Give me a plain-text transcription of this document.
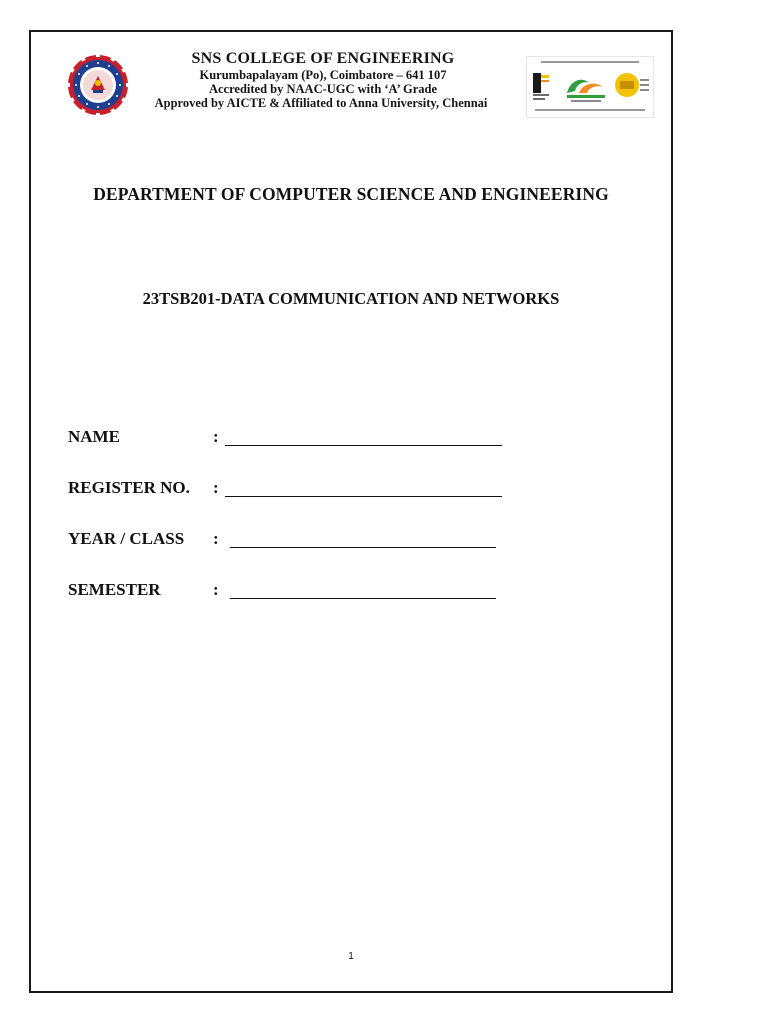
SNS COLLEGE OF ENGINEERING
Kurumbapalayam (Po), Coimbatore – 641 107
Accredited by NAAC-UGC with ‘A’ Grade
Approved by AICTE & Affiliated to Anna University, Chennai
DEPARTMENT OF COMPUTER SCIENCE AND ENGINEERING
23TSB201-DATA COMMUNICATION AND NETWORKS
NAME	:
REGISTER NO. :
YEAR / CLASS :
SEMESTER	:
1
